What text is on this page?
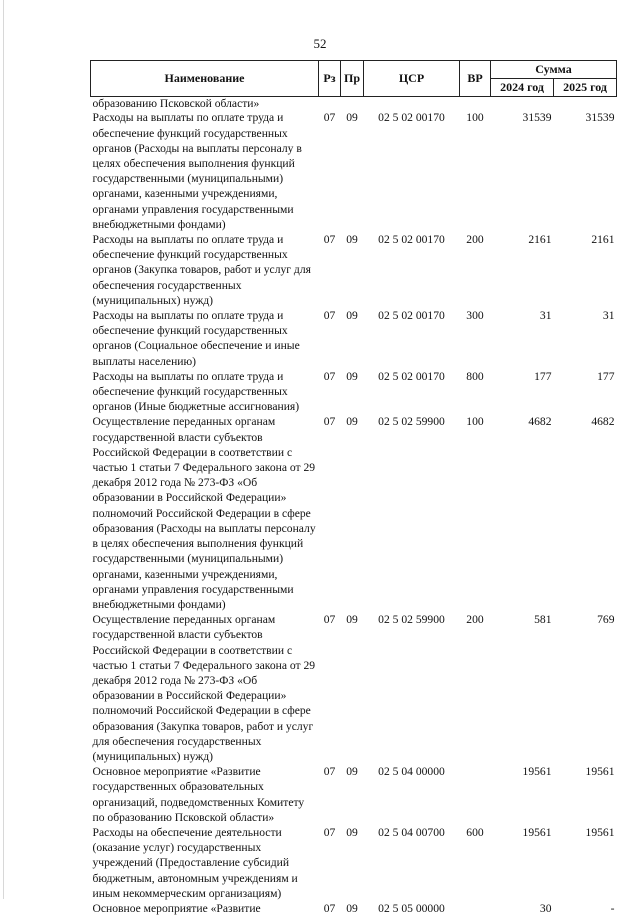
52
Наименование	Рз	Пр	ЦСР	ВР	Сумма	
					2024 год	2025 год
образованию Псковской области»						
Расходы на выплаты по оплате труда и обеспечение функций государственных органов (Расходы на выплаты персоналу в целях обеспечения выполнения функций государственными (муниципальными) органами, казенными учреждениями, органами управления государственными внебюджетными фондами)	07	09	02 5 02 00170	100	31539	31539
Расходы на выплаты по оплате труда и обеспечение функций государственных органов (Закупка товаров, работ и услуг для обеспечения государственных (муниципальных) нужд)	07	09	02 5 02 00170	200	2161	2161
Расходы на выплаты по оплате труда и обеспечение функций государственных органов (Социальное обеспечение и иные выплаты населению)	07	09	02 5 02 00170	300	31	31
Расходы на выплаты по оплате труда и обеспечение функций государственных органов (Иные бюджетные ассигнования)	07	09	02 5 02 00170	800	177	177
Осуществление переданных органам государственной власти субъектов Российской Федерации в соответствии с частью 1 статьи 7 Федерального закона от 29 декабря 2012 года № 273-ФЗ «Об образовании в Российской Федерации» полномочий Российской Федерации в сфере образования (Расходы на выплаты персоналу в целях обеспечения выполнения функций государственными (муниципальными) органами, казенными учреждениями, органами управления государственными внебюджетными фондами)	07	09	02 5 02 59900	100	4682	4682
Осуществление переданных органам государственной власти субъектов Российской Федерации в соответствии с частью 1 статьи 7 Федерального закона от 29 декабря 2012 года № 273-ФЗ «Об образовании в Российской Федерации» полномочий Российской Федерации в сфере образования (Закупка товаров, работ и услуг для обеспечения государственных (муниципальных) нужд)	07	09	02 5 02 59900	200	581	769
Основное мероприятие «Развитие государственных образовательных организаций, подведомственных Комитету по образованию Псковской области»	07	09	02 5 04 00000		19561	19561
Расходы на обеспечение деятельности (оказание услуг) государственных учреждений (Предоставление субсидий бюджетным, автономным учреждениям и иным некоммерческим организациям)	07	09	02 5 04 00700	600	19561	19561
Основное мероприятие «Развитие	07	09	02 5 05 00000		30	-
